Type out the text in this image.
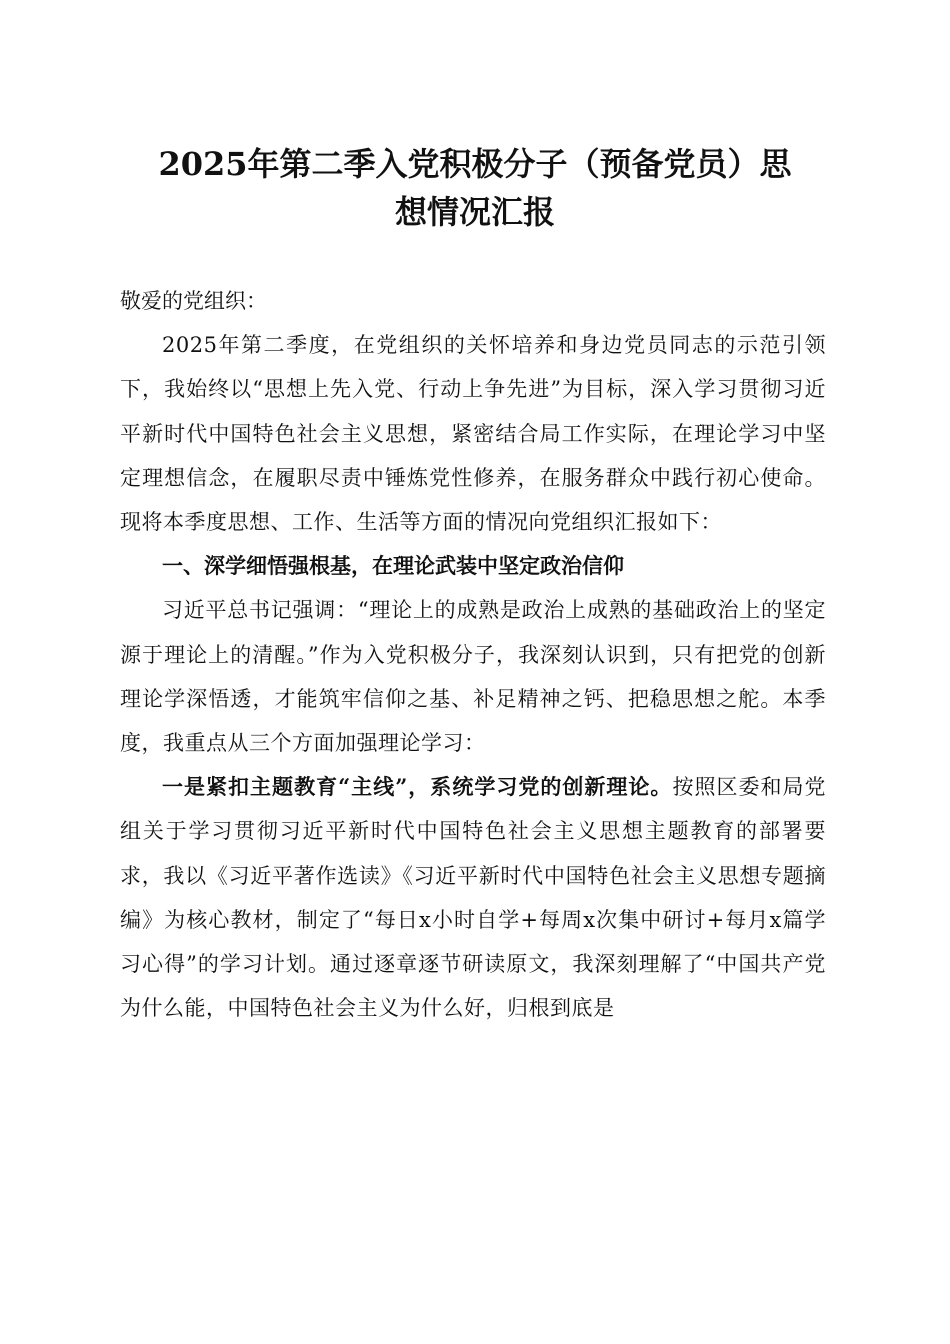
2025年第二季入党积极分子（预备党员）思
想情况汇报

敬爱的党组织：

2025年第二季度，在党组织的关怀培养和身边党员同志的示范引领下，我始终以“思想上先入党、行动上争先进”为目标，深入学习贯彻习近平新时代中国特色社会主义思想，紧密结合局工作实际，在理论学习中坚定理想信念，在履职尽责中锤炼党性修养，在服务群众中践行初心使命。现将本季度思想、工作、生活等方面的情况向党组织汇报如下：

一、深学细悟强根基，在理论武装中坚定政治信仰

习近平总书记强调：“理论上的成熟是政治上成熟的基础政治上的坚定源于理论上的清醒。”作为入党积极分子，我深刻认识到，只有把党的创新理论学深悟透，才能筑牢信仰之基、补足精神之钙、把稳思想之舵。本季度，我重点从三个方面加强理论学习：

一是紧扣主题教育“主线”，系统学习党的创新理论。按照区委和局党组关于学习贯彻习近平新时代中国特色社会主义思想主题教育的部署要求，我以《习近平著作选读》《习近平新时代中国特色社会主义思想专题摘编》为核心教材，制定了“每日x小时自学+每周x次集中研讨+每月x篇学习心得”的学习计划。通过逐章逐节研读原文，我深刻理解了“中国共产党为什么能，中国特色社会主义为什么好，归根到底是
